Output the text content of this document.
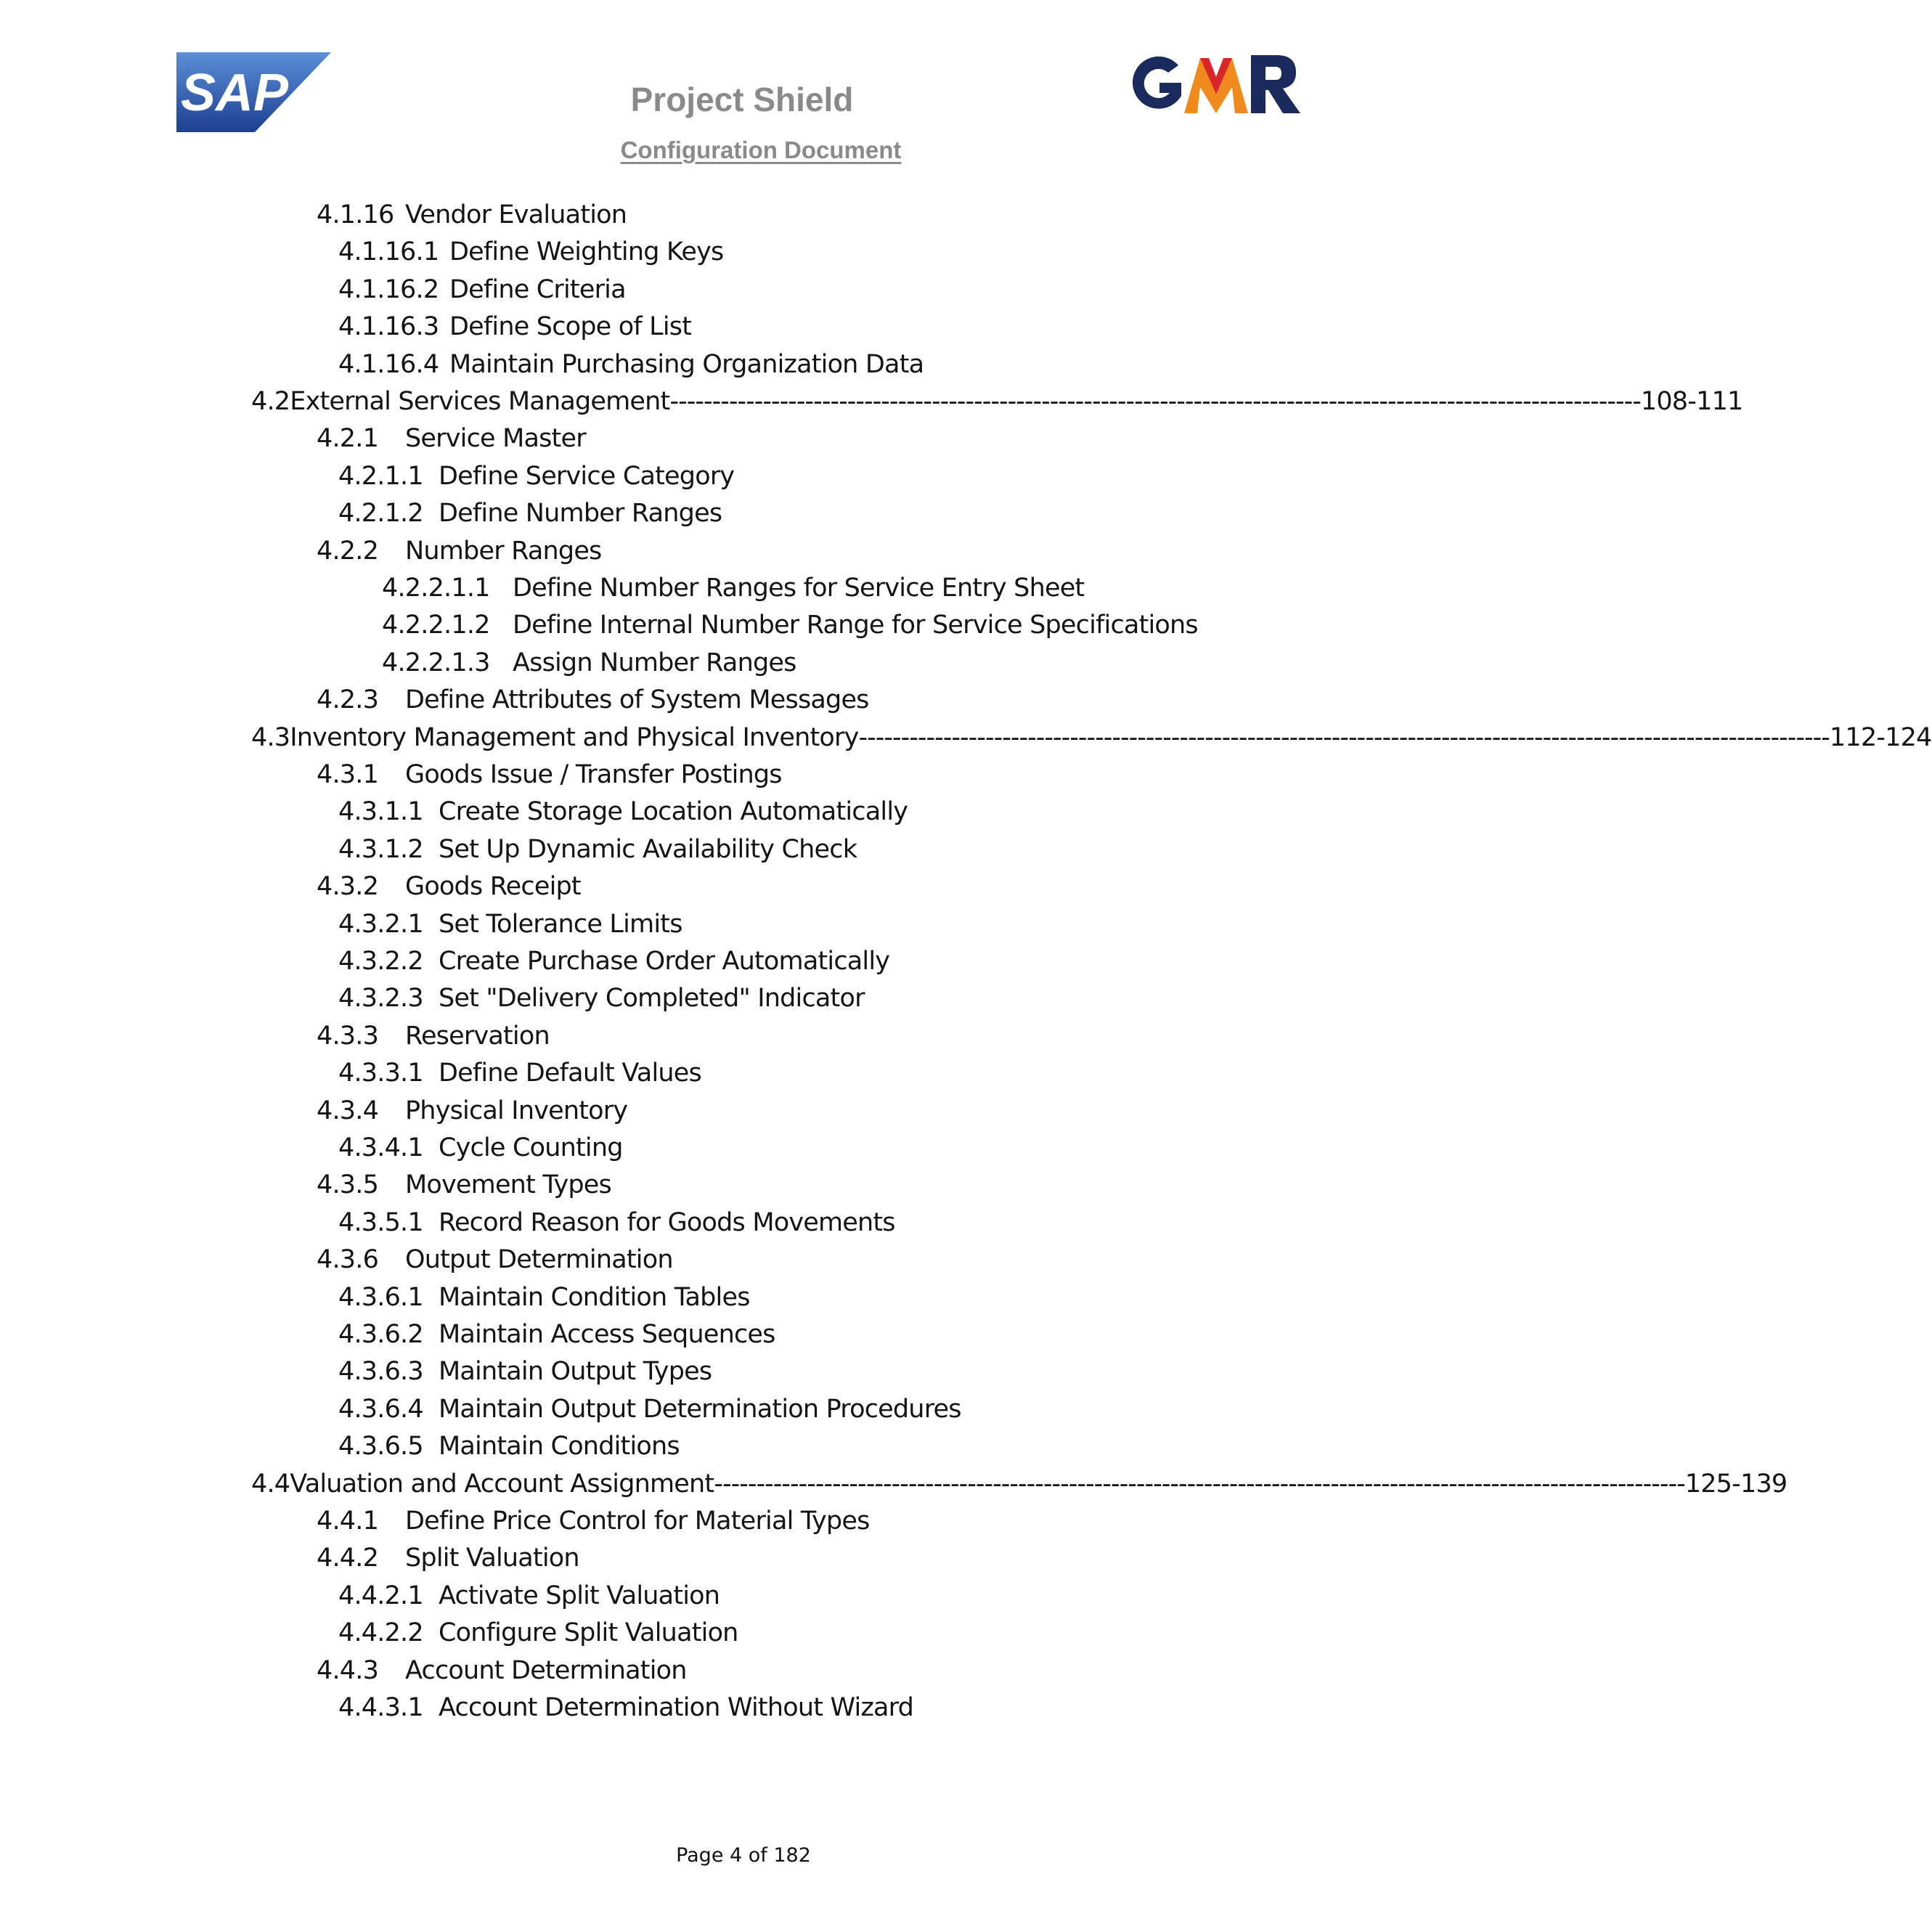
SAP	Project Shield
Configuration Document
4.1.16 Vendor Evaluation
4.1.16.1 Define Weighting Keys
4.1.16.2 Define Criteria
4.1.16.3 Define Scope of List
4.1.16.4 Maintain Purchasing Organization Data
4.2 External Services Management ------------------------------------------------------------------------------------------------------------------- 108-111
4.2.1 Service Master
4.2.1.1 Define Service Category
4.2.1.2 Define Number Ranges
4.2.2 Number Ranges
4.2.2.1.1 Define Number Ranges for Service Entry Sheet
4.2.2.1.2 Define Internal Number Range for Service Specifications
4.2.2.1.3 Assign Number Ranges
4.2.3 Define Attributes of System Messages
4.3 Inventory Management and Physical Inventory ------------------------------------------------------------------------------------------------------------------- 112-124
4.3.1 Goods Issue / Transfer Postings
4.3.1.1 Create Storage Location Automatically
4.3.1.2 Set Up Dynamic Availability Check
4.3.2 Goods Receipt
4.3.2.1 Set Tolerance Limits
4.3.2.2 Create Purchase Order Automatically
4.3.2.3 Set "Delivery Completed" Indicator
4.3.3 Reservation
4.3.3.1 Define Default Values
4.3.4 Physical Inventory
4.3.4.1 Cycle Counting
4.3.5 Movement Types
4.3.5.1 Record Reason for Goods Movements
4.3.6 Output Determination
4.3.6.1 Maintain Condition Tables
4.3.6.2 Maintain Access Sequences
4.3.6.3 Maintain Output Types
4.3.6.4 Maintain Output Determination Procedures
4.3.6.5 Maintain Conditions
4.4 Valuation and Account Assignment ------------------------------------------------------------------------------------------------------------------- 125-139
4.4.1 Define Price Control for Material Types
4.4.2 Split Valuation
4.4.2.1 Activate Split Valuation
4.4.2.2 Configure Split Valuation
4.4.3 Account Determination
4.4.3.1 Account Determination Without Wizard
Page 4 of 182
